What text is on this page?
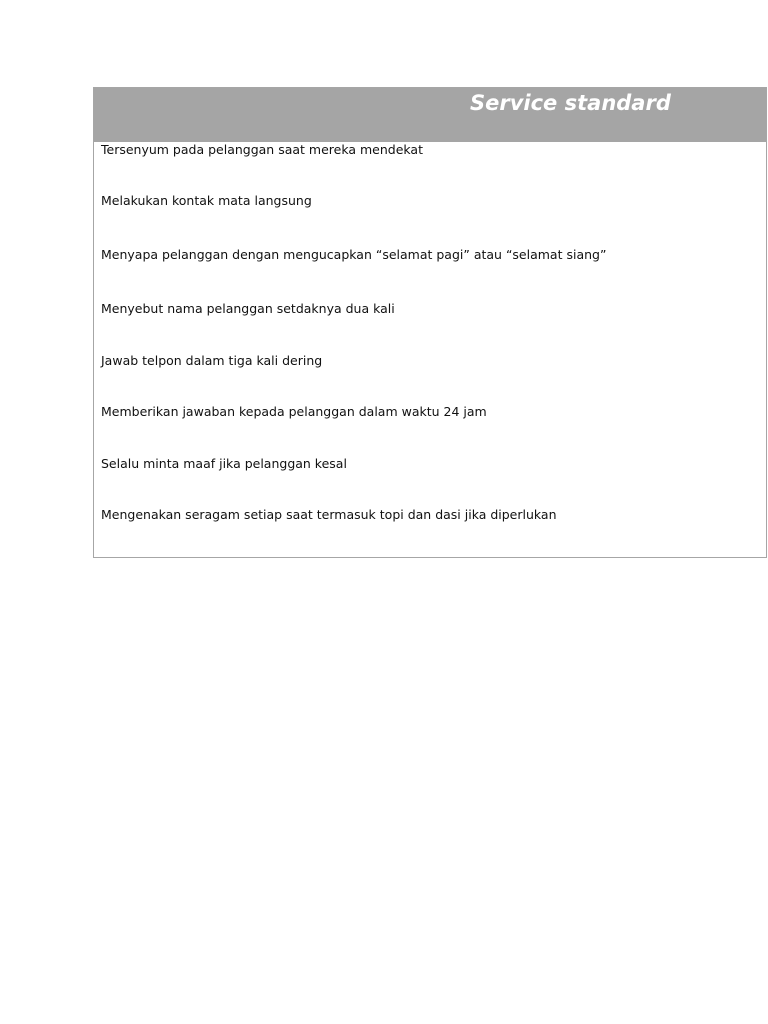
Service standard
Tersenyum pada pelanggan saat mereka mendekat
Melakukan kontak mata langsung
Menyapa pelanggan dengan mengucapkan “selamat pagi” atau “selamat siang”
Menyebut nama pelanggan setdaknya dua kali
Jawab telpon dalam tiga kali dering
Memberikan jawaban kepada pelanggan dalam waktu 24 jam
Selalu minta maaf jika pelanggan kesal
Mengenakan seragam setiap saat termasuk topi dan dasi jika diperlukan
